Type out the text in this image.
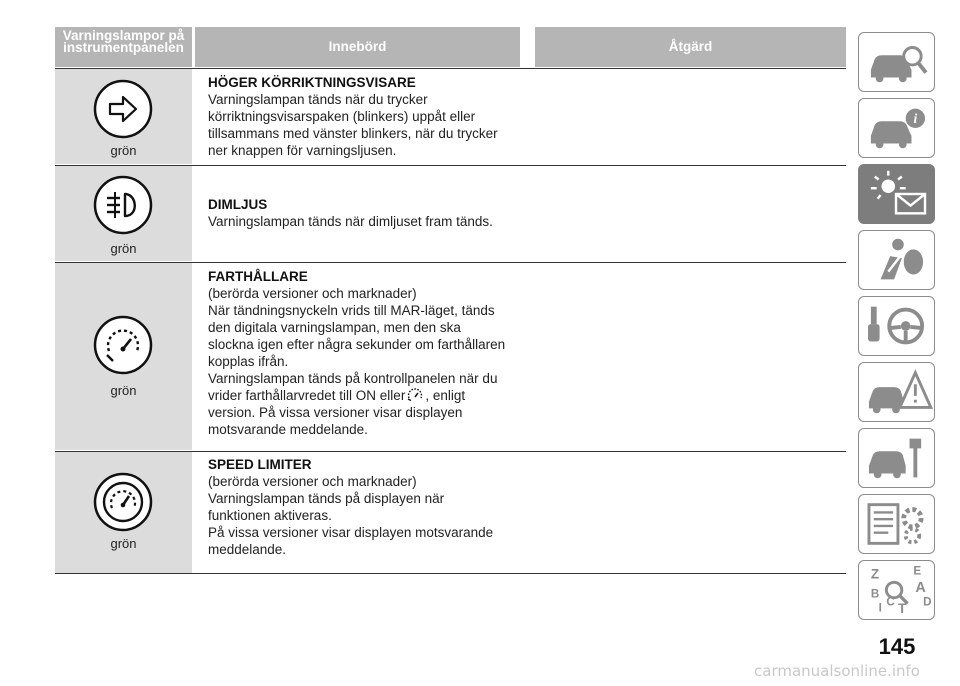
Varningslampor på instrumentpanelen	Innebörd	Åtgärd
grön
HÖGER KÖRRIKTNINGSVISARE
Varningslampan tänds när du trycker
körriktningsvisarspaken (blinkers) uppåt eller
tillsammans med vänster blinkers, när du trycker
ner knappen för varningsljusen.
grön
DIMLJUS
Varningslampan tänds när dimljuset fram tänds.
grön
FARTHÅLLARE
(berörda versioner och marknader)
När tändningsnyckeln vrids till MAR-läget, tänds
den digitala varningslampan, men den ska
slockna igen efter några sekunder om farthållaren
kopplas ifrån.
Varningslampan tänds på kontrollpanelen när du
vrider farthållarvredet till ON eller , enligt
version. På vissa versioner visar displayen
motsvarande meddelande.
grön
SPEED LIMITER
(berörda versioner och marknader)
Varningslampan tänds på displayen när
funktionen aktiveras.
På vissa versioner visar displayen motsvarande
meddelande.
i
Z	E
B A
D
C T
I
145
carmanualsonline.info
